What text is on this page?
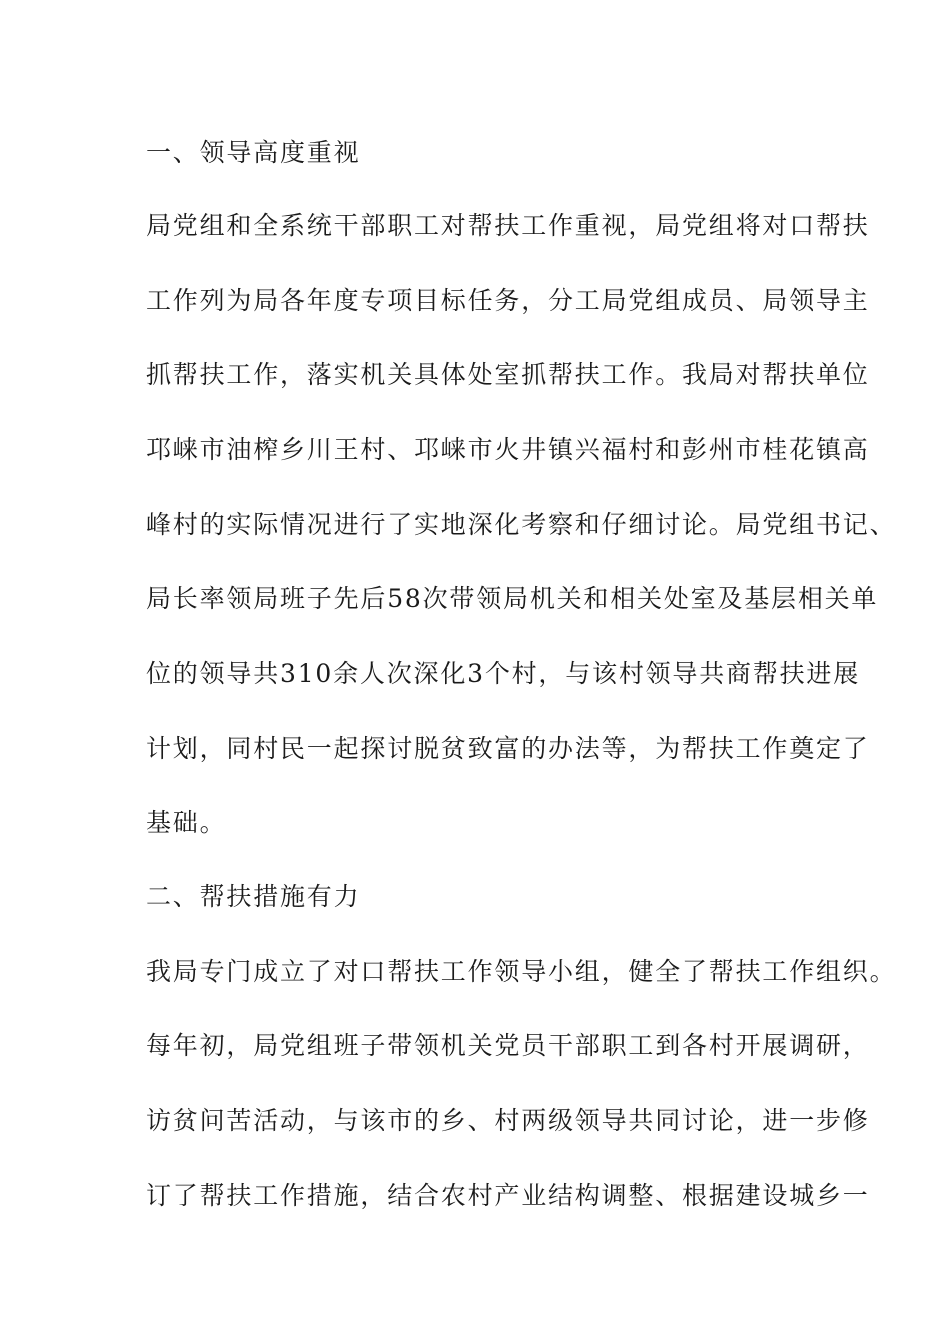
一、领导高度重视

局党组和全系统干部职工对帮扶工作重视，局党组将对口帮扶

工作列为局各年度专项目标任务，分工局党组成员、局领导主

抓帮扶工作，落实机关具体处室抓帮扶工作。我局对帮扶单位

邛崃市油榨乡川王村、邛崃市火井镇兴福村和彭州市桂花镇高

峰村的实际情况进行了实地深化考察和仔细讨论。局党组书记、

局长率领局班子先后58次带领局机关和相关处室及基层相关单

位的领导共310余人次深化3个村，与该村领导共商帮扶进展

计划，同村民一起探讨脱贫致富的办法等，为帮扶工作奠定了

基础。

二、帮扶措施有力

我局专门成立了对口帮扶工作领导小组，健全了帮扶工作组织。

每年初，局党组班子带领机关党员干部职工到各村开展调研，

访贫问苦活动，与该市的乡、村两级领导共同讨论，进一步修

订了帮扶工作措施，结合农村产业结构调整、根据建设城乡一
